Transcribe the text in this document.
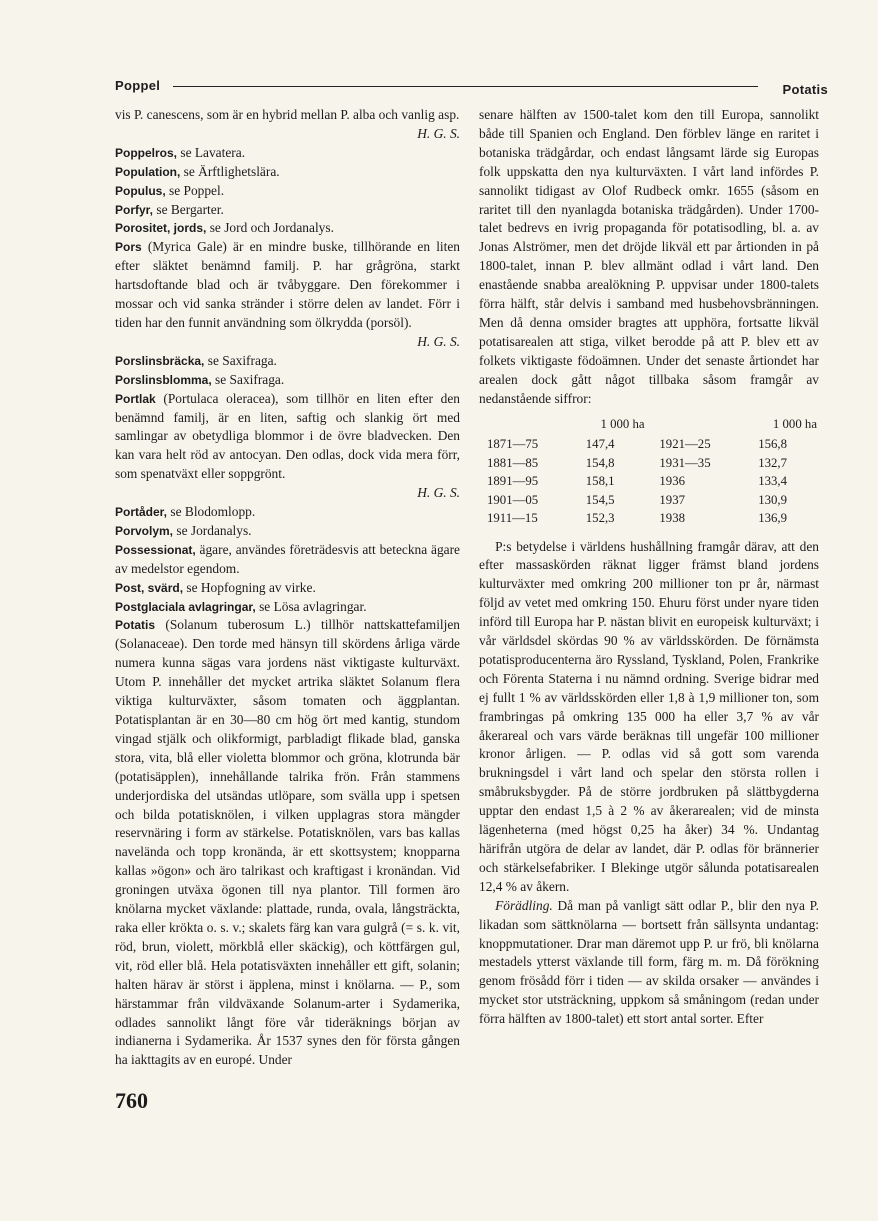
Poppel	Potatis

vis P. canescens, som är en hybrid mellan P. alba och vanlig asp.

H. G. S.

Poppelros, se Lavatera.

Population, se Ärftlighetslära.

Populus, se Poppel.

Porfyr, se Bergarter.

Porositet, jords, se Jord och Jordanalys.

Pors (Myrica Gale) är en mindre buske, tillhörande en liten efter släktet benämnd familj. P. har grågröna, starkt hartsdoftande blad och är tvåbyggare. Den förekommer i mossar och vid sanka stränder i större delen av landet. Förr i tiden har den funnit användning som ölkrydda (porsöl).

H. G. S.

Porslinsbräcka, se Saxifraga.

Porslinsblomma, se Saxifraga.

Portlak (Portulaca oleracea), som tillhör en liten efter den benämnd familj, är en liten, saftig och slankig ört med samlingar av obetydliga blommor i de övre bladvecken. Den kan vara helt röd av antocyan. Den odlas, dock vida mera förr, som spenatväxt eller soppgrönt.

H. G. S.

Portåder, se Blodomlopp.

Porvolym, se Jordanalys.

Possessionat, ägare, användes företrädesvis att beteckna ägare av medelstor egendom.

Post, svärd, se Hopfogning av virke.

Postglaciala avlagringar, se Lösa avlagringar.

Potatis (Solanum tuberosum L.) tillhör nattskattefamiljen (Solanaceae). Den torde med hänsyn till skördens årliga värde numera kunna sägas vara jordens näst viktigaste kulturväxt. Utom P. innehåller det mycket artrika släktet Solanum flera viktiga kulturväxter, såsom tomaten och äggplantan. Potatisplantan är en 30—80 cm hög ört med kantig, stundom vingad stjälk och olikformigt, parbladigt flikade blad, ganska stora, vita, blå eller violetta blommor och gröna, klotrunda bär (potatisäpplen), innehållande talrika frön. Från stammens underjordiska del utsändas utlöpare, som svälla upp i spetsen och bilda potatisknölen, i vilken upplagras stora mängder reservnäring i form av stärkelse. Potatisknölen, vars bas kallas naveländа och topp kronända, är ett skottsystem; knopparna kallas »ögon» och äro talrikast och kraftigast i kronändan. Vid groningen utväxa ögonen till nya plantor. Till formen äro knölarna mycket växlande: plattade, runda, ovala, långsträckta, raka eller krökta o. s. v.; skalets färg kan vara gulgrå (= s. k. vit, röd, brun, violett, mörkblå eller skäckig), och köttfärgen gul, vit, röd eller blå. Hela potatisväxten innehåller ett gift, solanin; halten härav är störst i äpplena, minst i knölarna. — P., som härstammar från vildväxande Solanum-arter i Sydamerika, odlades sannolikt långt före vår tideräknings början av indianerna i Sydamerika. År 1537 synes den för första gången ha iakttagits av en europé. Under

senare hälften av 1500-talet kom den till Europa, sannolikt både till Spanien och England. Den förblev länge en raritet i botaniska trädgårdar, och endast långsamt lärde sig Europas folk uppskatta den nya kulturväxten. I vårt land infördes P. sannolikt tidigast av Olof Rudbeck omkr. 1655 (såsom en raritet till den nyanlagda botaniska trädgården). Under 1700-talet bedrevs en ivrig propaganda för potatisodling, bl. a. av Jonas Alströmer, men det dröjde likväl ett par årtionden in på 1800-talet, innan P. blev allmänt odlad i vårt land. Den enastående snabba arealökning P. uppvisar under 1800-talets förra hälft, står delvis i samband med husbehovsbränningen. Men då denna omsider bragtes att upphöra, fortsatte likväl potatisarealen att stiga, vilket berodde på att P. blev ett av folkets viktigaste födoämnen. Under det senaste årtiondet har arealen dock gått något tillbaka såsom framgår av nedanstående siffror:

	1 000 ha			1 000 ha
1871—75	147,4		1921—25	156,8
1881—85	154,8		1931—35	132,7
1891—95	158,1		1936	133,4
1901—05	154,5		1937	130,9
1911—15	152,3		1938	136,9

P:s betydelse i världens hushållning framgår därav, att den efter massaskörden räknat ligger främst bland jordens kulturväxter med omkring 200 millioner ton pr år, närmast följd av vetet med omkring 150. Ehuru först under nyare tiden införd till Europa har P. nästan blivit en europeisk kulturväxt; i vår världsdel skördas 90 % av världsskörden. De förnämsta potatisproducenterna äro Ryssland, Tyskland, Polen, Frankrike och Förenta Staterna i nu nämnd ordning. Sverige bidrar med ej fullt 1 % av världsskörden eller 1,8 à 1,9 millioner ton, som frambringas på omkring 135 000 ha eller 3,7 % av vår åkerareal och vars värde beräknas till ungefär 100 millioner kronor årligen. — P. odlas vid så gott som varenda brukningsdel i vårt land och spelar den största rollen i småbruksbygder. På de större jordbruken på slättbygderna upptar den endast 1,5 à 2 % av åkerarealen; vid de minsta lägenheterna (med högst 0,25 ha åker) 34 %. Undantag härifrån utgöra de delar av landet, där P. odlas för brännerier och stärkelsefabriker. I Blekinge utgör sålunda potatisarealen 12,4 % av åkern.

Förädling. Då man på vanligt sätt odlar P., blir den nya P. likadan som sättknölarna — bortsett från sällsynta undantag: knoppmutationer. Drar man däremot upp P. ur frö, bli knölarna mestadels ytterst växlande till form, färg m. m. Då förökning genom frösådd förr i tiden — av skilda orsaker — användes i mycket stor utsträckning, uppkom så småningom (redan under förra hälften av 1800-talet) ett stort antal sorter. Efter

760
